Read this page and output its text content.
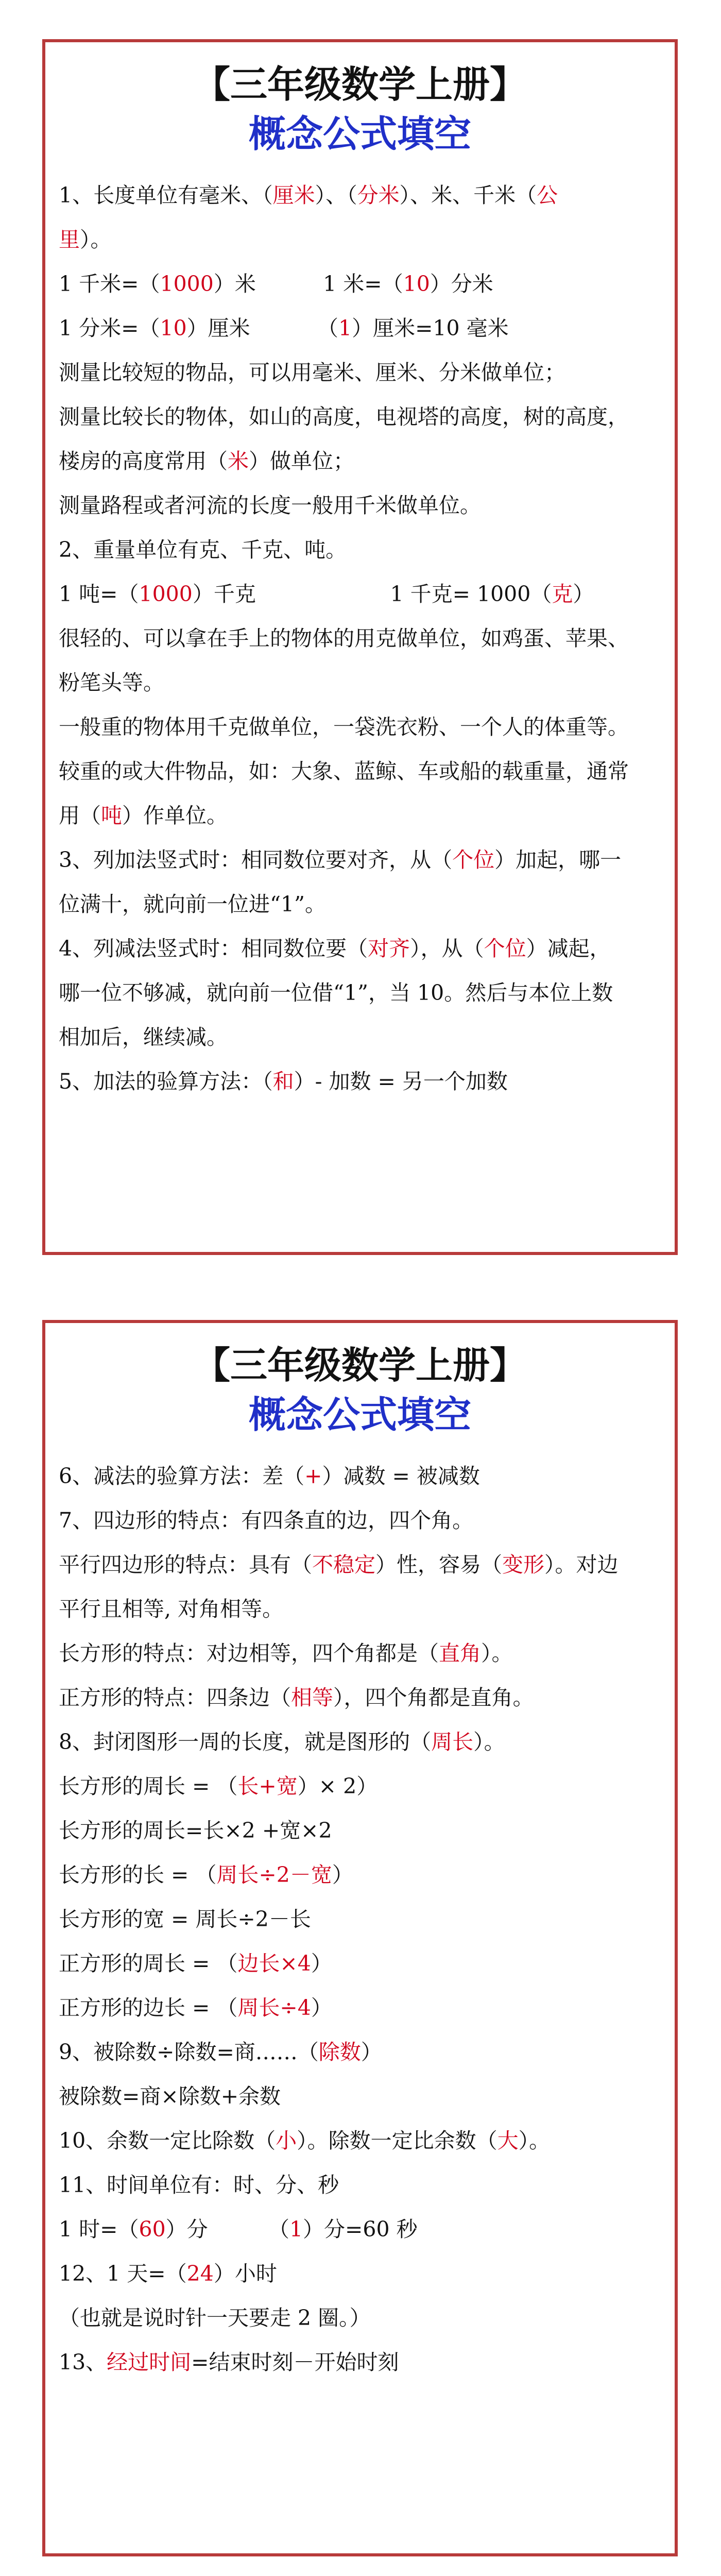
【三年级数学上册】

概念公式填空

1、长度单位有毫米、（厘米）、（分米）、米、千米（公

里）。

1 千米=（1000）米          1 米=（10）分米

1 分米=（10）厘米          （1）厘米=10 毫米

测量比较短的物品，可以用毫米、厘米、分米做单位；

测量比较长的物体，如山的高度，电视塔的高度，树的高度，

楼房的高度常用（米）做单位；

测量路程或者河流的长度一般用千米做单位。

2、重量单位有克、千克、吨。

1 吨=（1000）千克                    1 千克= 1000（克）

很轻的、可以拿在手上的物体的用克做单位，如鸡蛋、苹果、

粉笔头等。

一般重的物体用千克做单位，一袋洗衣粉、一个人的体重等。

较重的或大件物品，如：大象、蓝鲸、车或船的载重量，通常

用（吨）作单位。

3、列加法竖式时：相同数位要对齐，从（个位）加起，哪一

位满十，就向前一位进“1”。

4、列减法竖式时：相同数位要（对齐），从（个位）减起，

哪一位不够减，就向前一位借“1”，当 10。然后与本位上数

相加后，继续减。

5、加法的验算方法：（和）- 加数 = 另一个加数

【三年级数学上册】

概念公式填空

6、减法的验算方法：差（+）减数 = 被减数

7、四边形的特点：有四条直的边，四个角。

平行四边形的特点：具有（不稳定）性，容易（变形）。对边

平行且相等, 对角相等。

长方形的特点：对边相等，四个角都是（直角）。

正方形的特点：四条边（相等），四个角都是直角。

8、封闭图形一周的长度，就是图形的（周长）。

长方形的周长 = （长+宽）× 2）

长方形的周长=长×2 +宽×2

长方形的长 = （周长÷2－宽）

长方形的宽 = 周长÷2－长

正方形的周长 = （边长×4）

正方形的边长 = （周长÷4）

9、被除数÷除数=商……（除数）

被除数=商×除数+余数

10、余数一定比除数（小）。除数一定比余数（大）。

11、时间单位有：时、分、秒

1 时=（60）分         （1）分=60 秒

12、1 天=（24）小时

（也就是说时针一天要走 2 圈。）

13、经过时间=结束时刻－开始时刻
